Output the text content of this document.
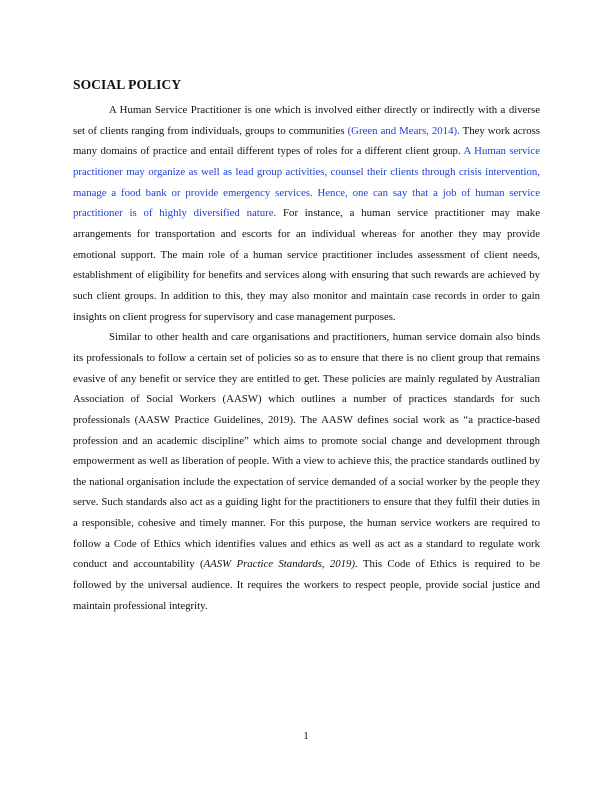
SOCIAL POLICY

A Human Service Practitioner is one which is involved either directly or indirectly with a diverse set of clients ranging from individuals, groups to communities (Green and Mears, 2014). They work across many domains of practice and entail different types of roles for a different client group. A Human service practitioner may organize as well as lead group activities, counsel their clients through crisis intervention, manage a food bank or provide emergency services. Hence, one can say that a job of human service practitioner is of highly diversified nature. For instance, a human service practitioner may make arrangements for transportation and escorts for an individual whereas for another they may provide emotional support. The main role of a human service practitioner includes assessment of client needs, establishment of eligibility for benefits and services along with ensuring that such rewards are achieved by such client groups. In addition to this, they may also monitor and maintain case records in order to gain insights on client progress for supervisory and case management purposes.

Similar to other health and care organisations and practitioners, human service domain also binds its professionals to follow a certain set of policies so as to ensure that there is no client group that remains evasive of any benefit or service they are entitled to get. These policies are mainly regulated by Australian Association of Social Workers (AASW) which outlines a number of practices standards for such professionals (AASW Practice Guidelines, 2019). The AASW defines social work as “a practice-based profession and an academic discipline” which aims to promote social change and development through empowerment as well as liberation of people. With a view to achieve this, the practice standards outlined by the national organisation include the expectation of service demanded of a social worker by the people they serve. Such standards also act as a guiding light for the practitioners to ensure that they fulfil their duties in a responsible, cohesive and timely manner. For this purpose, the human service workers are required to follow a Code of Ethics which identifies values and ethics as well as act as a standard to regulate work conduct and accountability (AASW Practice Standards, 2019). This Code of Ethics is required to be followed by the universal audience. It requires the workers to respect people, provide social justice and maintain professional integrity.

1
